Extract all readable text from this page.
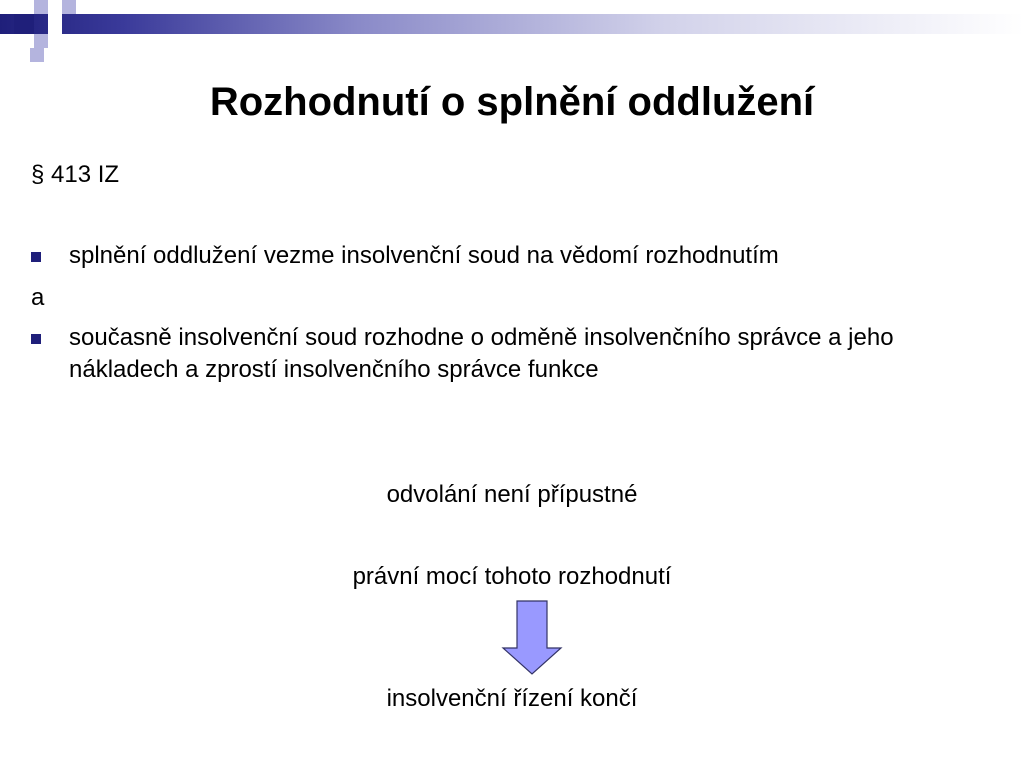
Rozhodnutí o splnění oddlužení
§ 413 IZ
splnění oddlužení vezme insolvenční soud na vědomí rozhodnutím
a
současně insolvenční soud rozhodne o odměně insolvenčního správce a jeho nákladech a zprostí insolvenčního správce funkce
odvolání není přípustné
právní mocí tohoto rozhodnutí
insolvenční řízení končí
